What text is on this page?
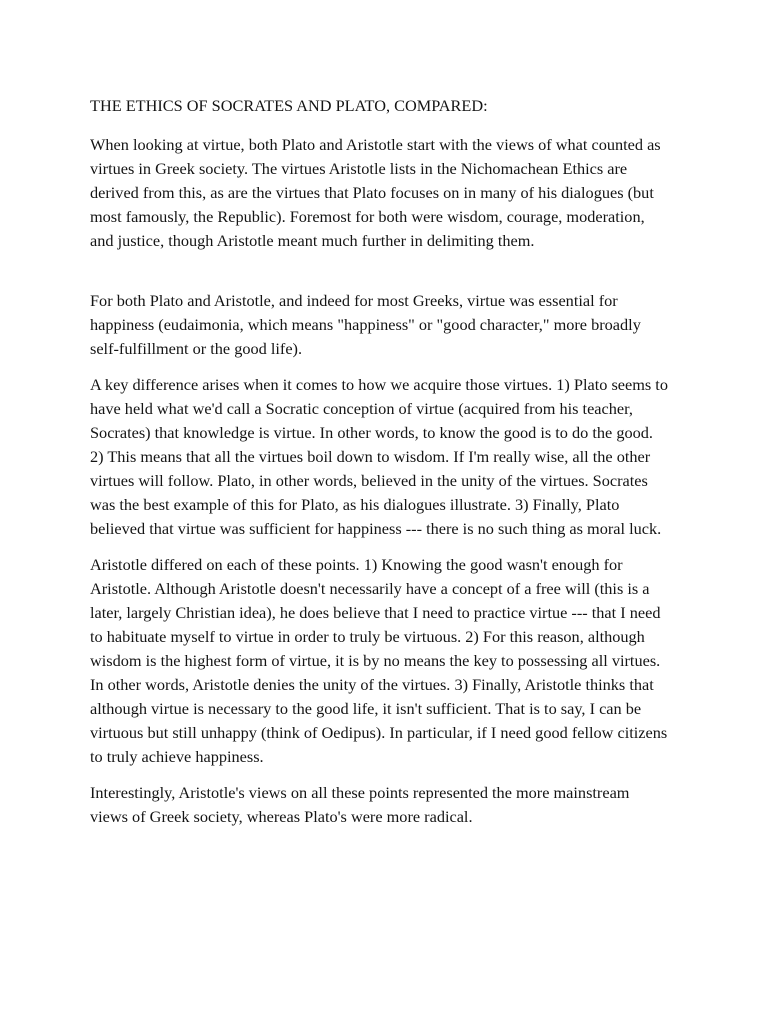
THE ETHICS OF SOCRATES AND PLATO, COMPARED:

When looking at virtue, both Plato and Aristotle start with the views of what counted as virtues in Greek society. The virtues Aristotle lists in the Nichomachean Ethics are derived from this, as are the virtues that Plato focuses on in many of his dialogues (but most famously, the Republic). Foremost for both were wisdom, courage, moderation, and justice, though Aristotle meant much further in delimiting them.

For both Plato and Aristotle, and indeed for most Greeks, virtue was essential for happiness (eudaimonia, which means "happiness" or "good character," more broadly self-fulfillment or the good life).

A key difference arises when it comes to how we acquire those virtues. 1) Plato seems to have held what we'd call a Socratic conception of virtue (acquired from his teacher, Socrates) that knowledge is virtue. In other words, to know the good is to do the good. 2) This means that all the virtues boil down to wisdom. If I'm really wise, all the other virtues will follow. Plato, in other words, believed in the unity of the virtues. Socrates was the best example of this for Plato, as his dialogues illustrate. 3) Finally, Plato believed that virtue was sufficient for happiness --- there is no such thing as moral luck.

Aristotle differed on each of these points. 1) Knowing the good wasn't enough for Aristotle. Although Aristotle doesn't necessarily have a concept of a free will (this is a later, largely Christian idea), he does believe that I need to practice virtue --- that I need to habituate myself to virtue in order to truly be virtuous. 2) For this reason, although wisdom is the highest form of virtue, it is by no means the key to possessing all virtues. In other words, Aristotle denies the unity of the virtues. 3) Finally, Aristotle thinks that although virtue is necessary to the good life, it isn't sufficient. That is to say, I can be virtuous but still unhappy (think of Oedipus). In particular, if I need good fellow citizens to truly achieve happiness.

Interestingly, Aristotle's views on all these points represented the more mainstream views of Greek society, whereas Plato's were more radical.
